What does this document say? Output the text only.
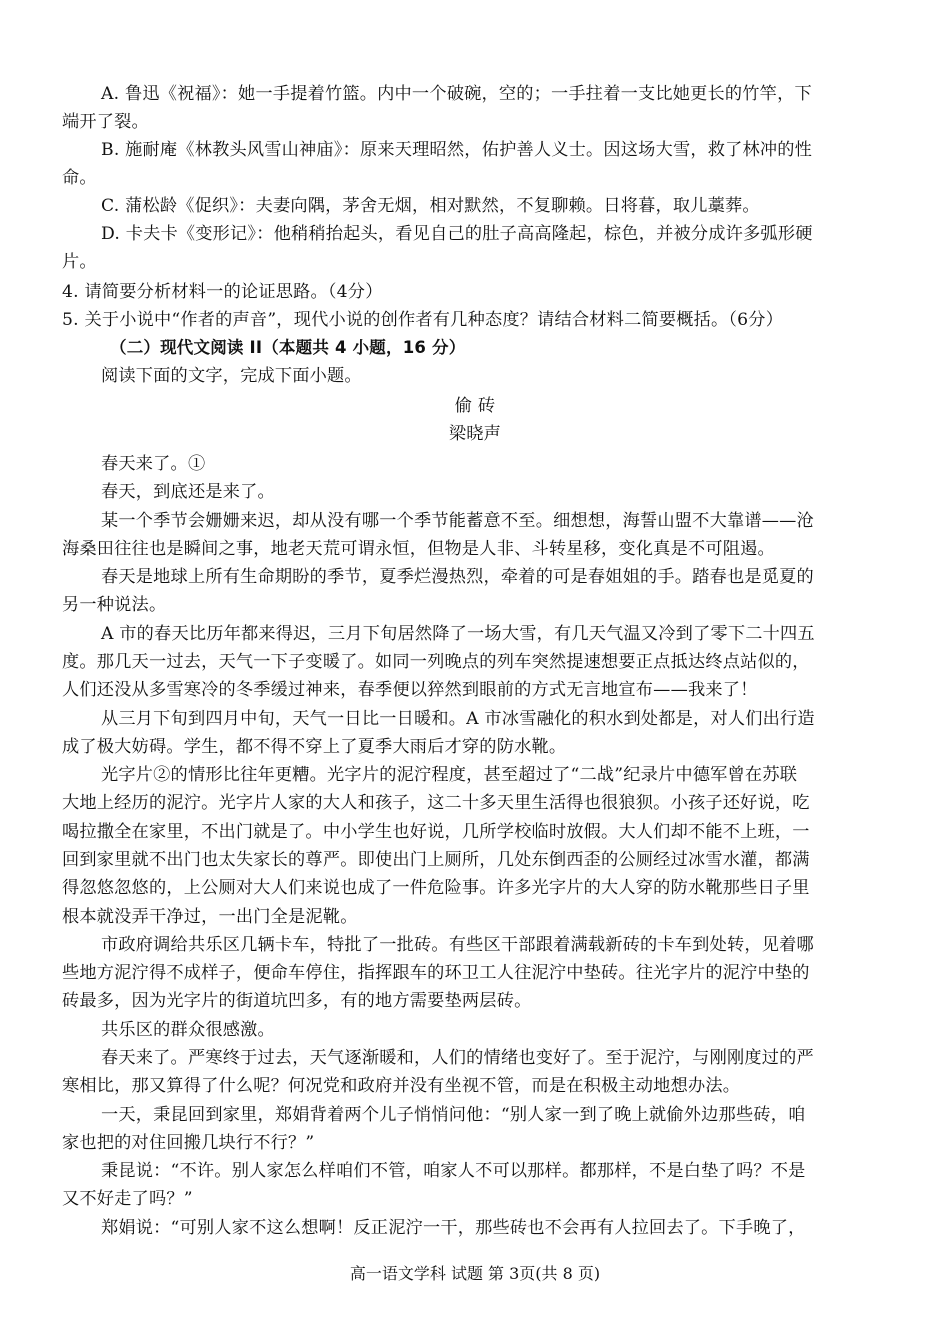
A. 鲁迅《祝福》：她一手提着竹篮。内中一个破碗，空的；一手拄着一支比她更长的竹竿，下
端开了裂。
B. 施耐庵《林教头风雪山神庙》：原来天理昭然，佑护善人义士。因这场大雪，救了林冲的性
命。
C. 蒲松龄《促织》：夫妻向隅，茅舍无烟，相对默然，不复聊赖。日将暮，取儿藁葬。
D. 卡夫卡《变形记》：他稍稍抬起头，看见自己的肚子高高隆起，棕色，并被分成许多弧形硬
片。
4. 请简要分析材料一的论证思路。（4分）
5. 关于小说中“作者的声音”，现代小说的创作者有几种态度？请结合材料二简要概括。（6分）
（二）现代文阅读 II（本题共 4 小题，16 分）
阅读下面的文字，完成下面小题。
偷 砖
梁晓声
春天来了。①
春天，到底还是来了。
某一个季节会姗姗来迟，却从没有哪一个季节能蓄意不至。细想想，海誓山盟不大靠谱——沧
海桑田往往也是瞬间之事，地老天荒可谓永恒，但物是人非、斗转星移，变化真是不可阻遏。
春天是地球上所有生命期盼的季节，夏季烂漫热烈，牵着的可是春姐姐的手。踏春也是觅夏的
另一种说法。
A 市的春天比历年都来得迟，三月下旬居然降了一场大雪，有几天气温又冷到了零下二十四五
度。那几天一过去，天气一下子变暖了。如同一列晚点的列车突然提速想要正点抵达终点站似的，
人们还没从多雪寒冷的冬季缓过神来，春季便以猝然到眼前的方式无言地宣布——我来了！
从三月下旬到四月中旬，天气一日比一日暖和。A 市冰雪融化的积水到处都是，对人们出行造
成了极大妨碍。学生，都不得不穿上了夏季大雨后才穿的防水靴。
光字片②的情形比往年更糟。光字片的泥泞程度，甚至超过了“二战”纪录片中德军曾在苏联
大地上经历的泥泞。光字片人家的大人和孩子，这二十多天里生活得也很狼狈。小孩子还好说，吃
喝拉撒全在家里，不出门就是了。中小学生也好说，几所学校临时放假。大人们却不能不上班，一
回到家里就不出门也太失家长的尊严。即使出门上厕所，几处东倒西歪的公厕经过冰雪水灌，都满
得忽悠忽悠的，上公厕对大人们来说也成了一件危险事。许多光字片的大人穿的防水靴那些日子里
根本就没弄干净过，一出门全是泥靴。
市政府调给共乐区几辆卡车，特批了一批砖。有些区干部跟着满载新砖的卡车到处转，见着哪
些地方泥泞得不成样子，便命车停住，指挥跟车的环卫工人往泥泞中垫砖。往光字片的泥泞中垫的
砖最多，因为光字片的街道坑凹多，有的地方需要垫两层砖。
共乐区的群众很感激。
春天来了。严寒终于过去，天气逐渐暖和，人们的情绪也变好了。至于泥泞，与刚刚度过的严
寒相比，那又算得了什么呢？何况党和政府并没有坐视不管，而是在积极主动地想办法。
一天，秉昆回到家里，郑娟背着两个儿子悄悄问他：“别人家一到了晚上就偷外边那些砖，咱
家也把的对住回搬几块行不行？”
秉昆说：“不许。别人家怎么样咱们不管，咱家人不可以那样。都那样，不是白垫了吗？不是
又不好走了吗？”
郑娟说：“可别人家不这么想啊！反正泥泞一干，那些砖也不会再有人拉回去了。下手晚了，
高一语文学科 试题 第 3页(共 8 页)
